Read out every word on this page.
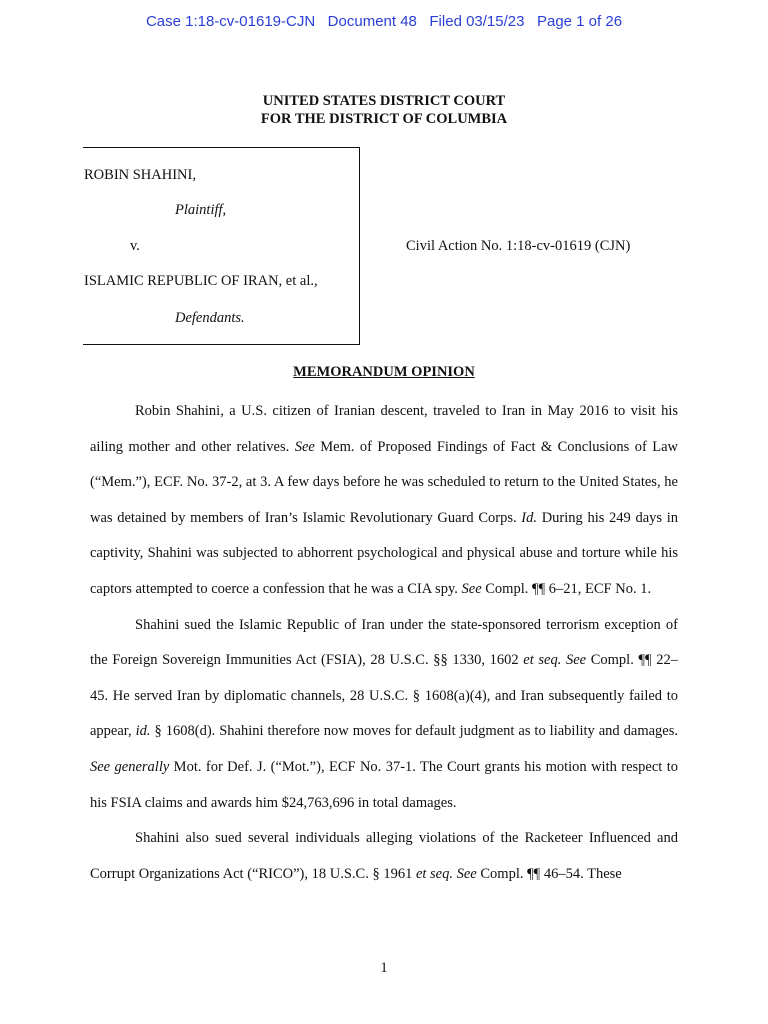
Case 1:18-cv-01619-CJN   Document 48   Filed 03/15/23   Page 1 of 26
UNITED STATES DISTRICT COURT
FOR THE DISTRICT OF COLUMBIA
ROBIN SHAHINI,
Plaintiff,
v.
ISLAMIC REPUBLIC OF IRAN, et al.,
Defendants.
Civil Action No. 1:18-cv-01619 (CJN)
MEMORANDUM OPINION

Robin Shahini, a U.S. citizen of Iranian descent, traveled to Iran in May 2016 to visit his ailing mother and other relatives. See Mem. of Proposed Findings of Fact & Conclusions of Law (“Mem.”), ECF. No. 37-2, at 3. A few days before he was scheduled to return to the United States, he was detained by members of Iran’s Islamic Revolutionary Guard Corps. Id. During his 249 days in captivity, Shahini was subjected to abhorrent psychological and physical abuse and torture while his captors attempted to coerce a confession that he was a CIA spy. See Compl. ¶¶ 6–21, ECF No. 1.

Shahini sued the Islamic Republic of Iran under the state-sponsored terrorism exception of the Foreign Sovereign Immunities Act (FSIA), 28 U.S.C. §§ 1330, 1602 et seq. See Compl. ¶¶ 22–45. He served Iran by diplomatic channels, 28 U.S.C. § 1608(a)(4), and Iran subsequently failed to appear, id. § 1608(d). Shahini therefore now moves for default judgment as to liability and damages. See generally Mot. for Def. J. (“Mot.”), ECF No. 37-1. The Court grants his motion with respect to his FSIA claims and awards him $24,763,696 in total damages.

Shahini also sued several individuals alleging violations of the Racketeer Influenced and Corrupt Organizations Act (“RICO”), 18 U.S.C. § 1961 et seq. See Compl. ¶¶ 46–54. These

1
